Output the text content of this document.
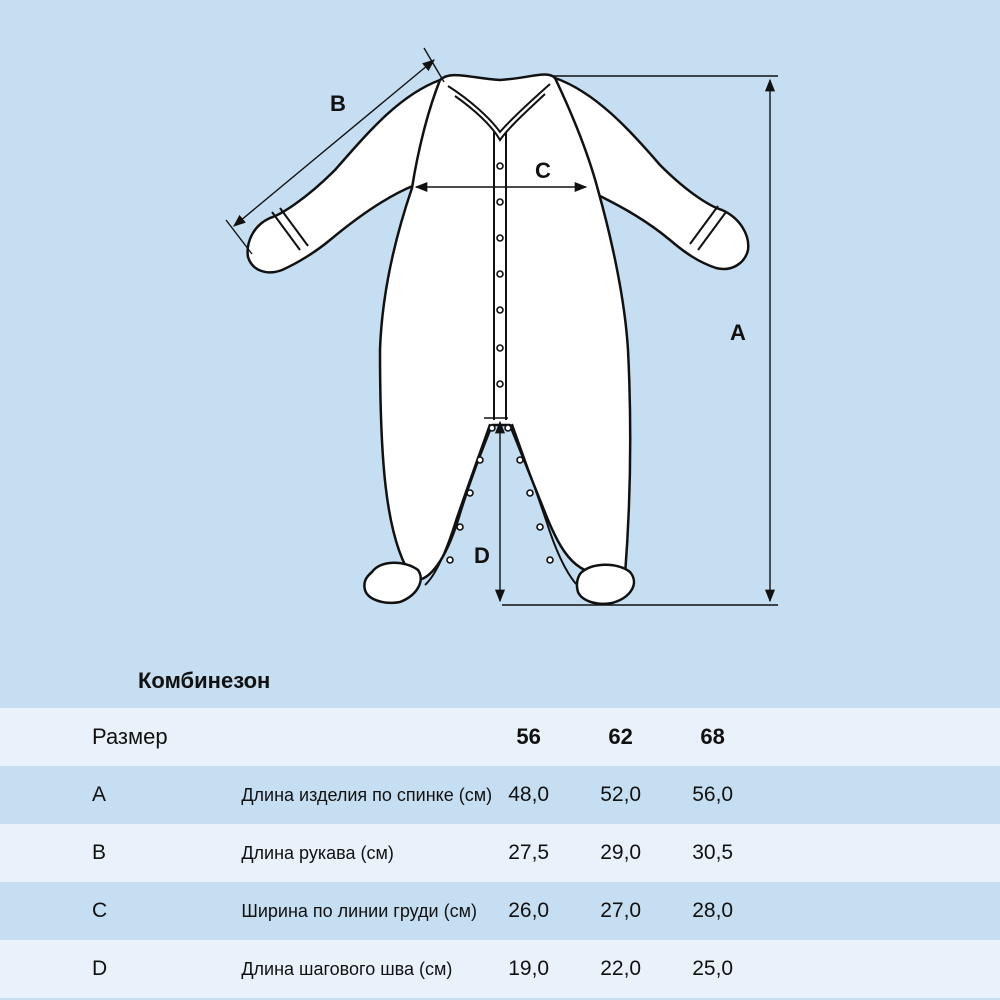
A
B
C
D
Комбинезон
Размер		56	62	68	
A	Длина изделия по спинке (см)	48,0	52,0	56,0	
B	Длина рукава (см)	27,5	29,0	30,5	
C	Ширина по линии груди (см)	26,0	27,0	28,0	
D	Длина шагового шва (см)	19,0	22,0	25,0	
